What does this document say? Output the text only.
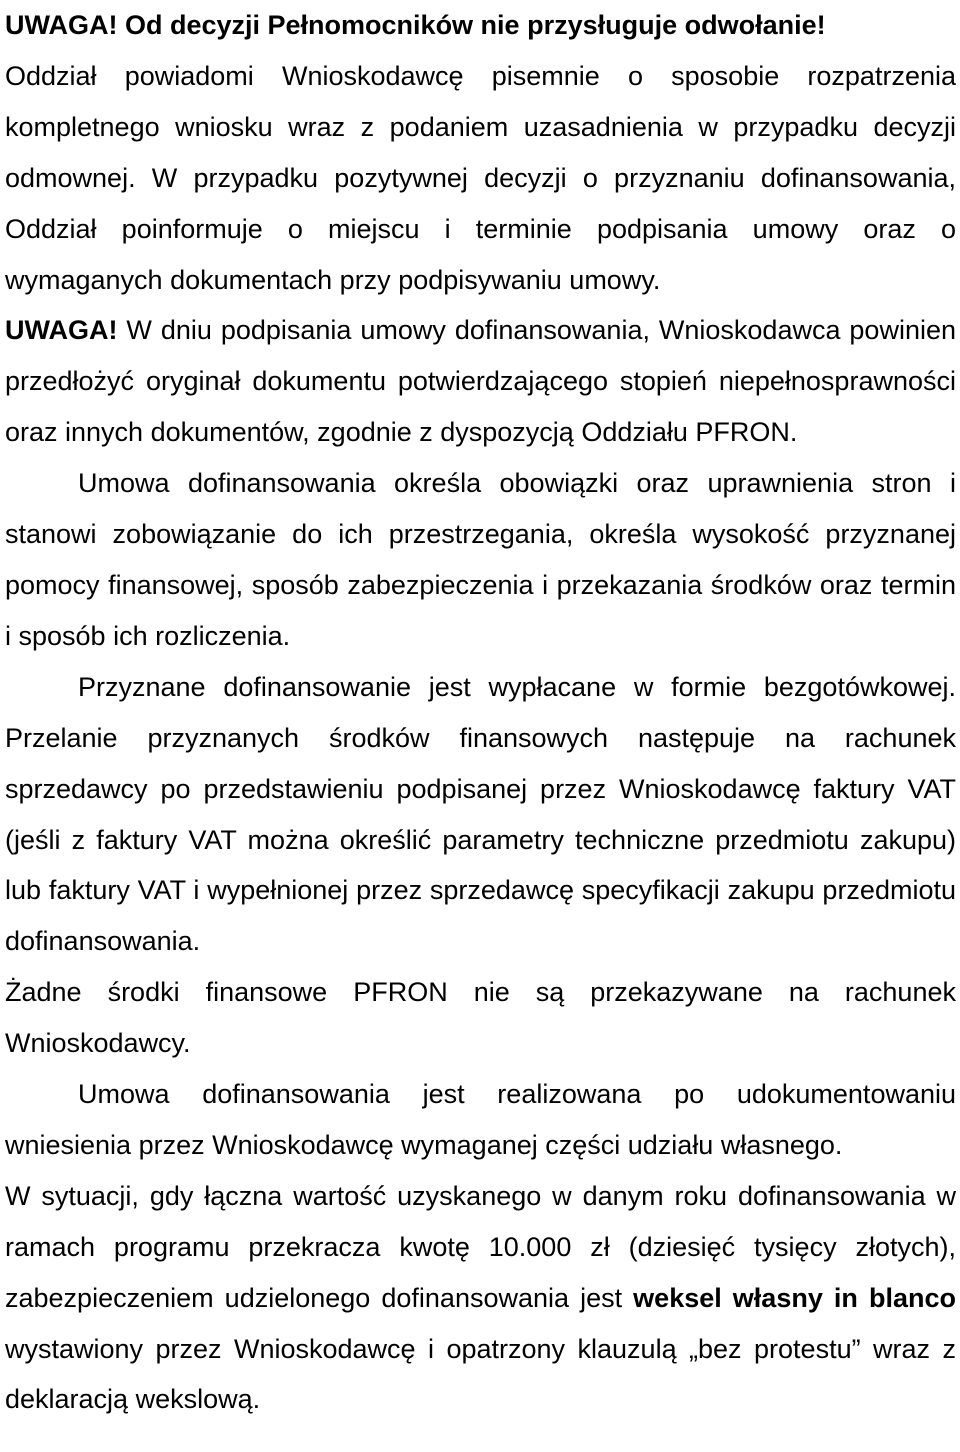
UWAGA! Od decyzji Pełnomocników nie przysługuje odwołanie!
Oddział powiadomi Wnioskodawcę pisemnie o sposobie rozpatrzenia kompletnego wniosku wraz z podaniem uzasadnienia w przypadku decyzji odmownej. W przypadku pozytywnej decyzji o przyznaniu dofinansowania, Oddział poinformuje o miejscu i terminie podpisania umowy oraz o wymaganych dokumentach przy podpisywaniu umowy.
UWAGA! W dniu podpisania umowy dofinansowania, Wnioskodawca powinien przedłożyć oryginał dokumentu potwierdzającego stopień niepełnosprawności oraz innych dokumentów, zgodnie z dyspozycją Oddziału PFRON.

Umowa dofinansowania określa obowiązki oraz uprawnienia stron i stanowi zobowiązanie do ich przestrzegania, określa wysokość przyznanej pomocy finansowej, sposób zabezpieczenia i przekazania środków oraz termin i sposób ich rozliczenia.

Przyznane dofinansowanie jest wypłacane w formie bezgotówkowej. Przelanie przyznanych środków finansowych następuje na rachunek sprzedawcy po przedstawieniu podpisanej przez Wnioskodawcę faktury VAT (jeśli z faktury VAT można określić parametry techniczne przedmiotu zakupu) lub faktury VAT i wypełnionej przez sprzedawcę specyfikacji zakupu przedmiotu dofinansowania.

Żadne środki finansowe PFRON nie są przekazywane na rachunek Wnioskodawcy.

Umowa dofinansowania jest realizowana po udokumentowaniu wniesienia przez Wnioskodawcę wymaganej części udziału własnego.

W sytuacji, gdy łączna wartość uzyskanego w danym roku dofinansowania w ramach programu przekracza kwotę 10.000 zł (dziesięć tysięcy złotych), zabezpieczeniem udzielonego dofinansowania jest weksel własny in blanco wystawiony przez Wnioskodawcę i opatrzony klauzulą „bez protestu” wraz z deklaracją wekslową.
